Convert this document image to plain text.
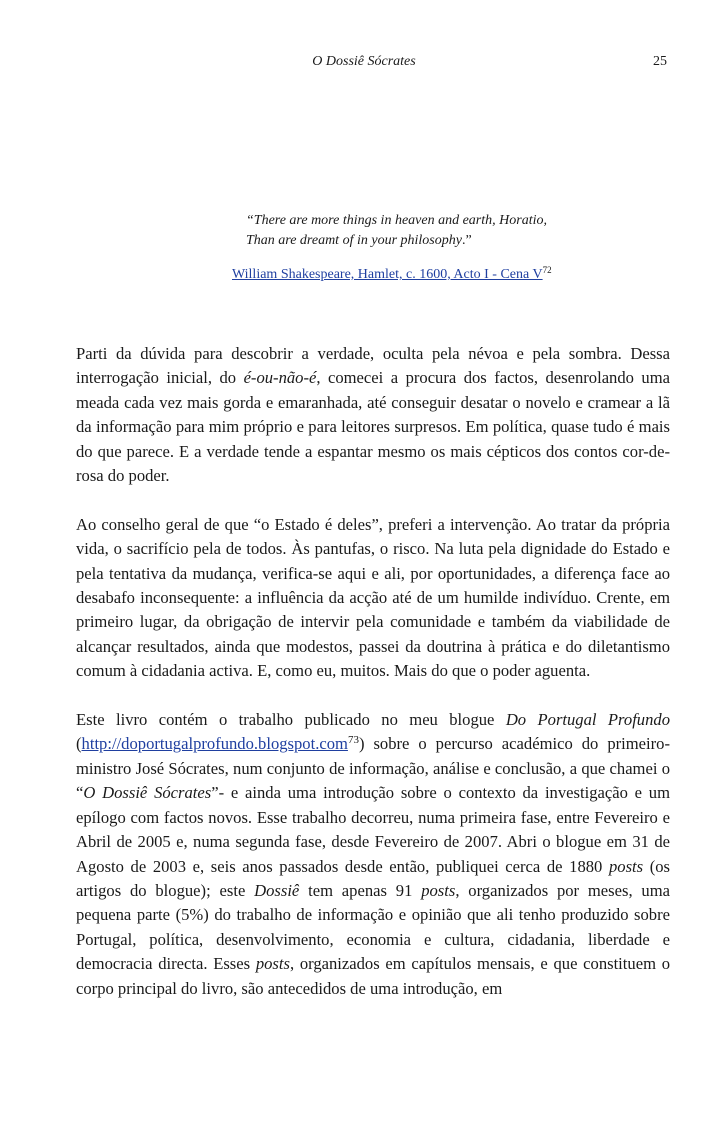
O Dossiê Sócrates	25
“There are more things in heaven and earth, Horatio,
Than are dreamt of in your philosophy.”
William Shakespeare, Hamlet, c. 1600, Acto I - Cena $V^{72}$

Parti da dúvida para descobrir a verdade, oculta pela névoa e pela sombra. Dessa interrogação inicial, do é-ou-não-é, comecei a procura dos factos, desenrolando uma meada cada vez mais gorda e emaranhada, até conseguir desatar o novelo e cramear a lã da informação para mim próprio e para leitores surpresos. Em política, quase tudo é mais do que parece. E a verdade tende a espantar mesmo os mais cépticos dos contos cor-de-rosa do poder.

Ao conselho geral de que “o Estado é deles”, preferi a intervenção. Ao tratar da própria vida, o sacrifício pela de todos. Às pantufas, o risco. Na luta pela dignidade do Estado e pela tentativa da mudança, verifica-se aqui e ali, por oportunidades, a diferença face ao desabafo inconsequente: a influência da acção até de um humilde indivíduo. Crente, em primeiro lugar, da obrigação de intervir pela comunidade e também da viabilidade de alcançar resultados, ainda que modestos, passei da doutrina à prática e do diletantismo comum à cidadania activa. E, como eu, muitos. Mais do que o poder aguenta.

Este livro contém o trabalho publicado no meu blogue Do Portugal Profundo (http://doportugalprofundo.blogspot.com$^{73}$) sobre o percurso académico do primeiro-ministro José Sócrates, num conjunto de informação, análise e conclusão, a que chamei o “O Dossiê Sócrates”- e ainda uma introdução sobre o contexto da investigação e um epílogo com factos novos. Esse trabalho decorreu, numa primeira fase, entre Fevereiro e Abril de 2005 e, numa segunda fase, desde Fevereiro de 2007. Abri o blogue em 31 de Agosto de 2003 e, seis anos passados desde então, publiquei cerca de 1880 posts (os artigos do blogue); este Dossiê tem apenas 91 posts, organizados por meses, uma pequena parte (5%) do trabalho de informação e opinião que ali tenho produzido sobre Portugal, política, desenvolvimento, economia e cultura, cidadania, liberdade e democracia directa. Esses posts, organizados em capítulos mensais, e que constituem o corpo principal do livro, são antecedidos de uma introdução, em
